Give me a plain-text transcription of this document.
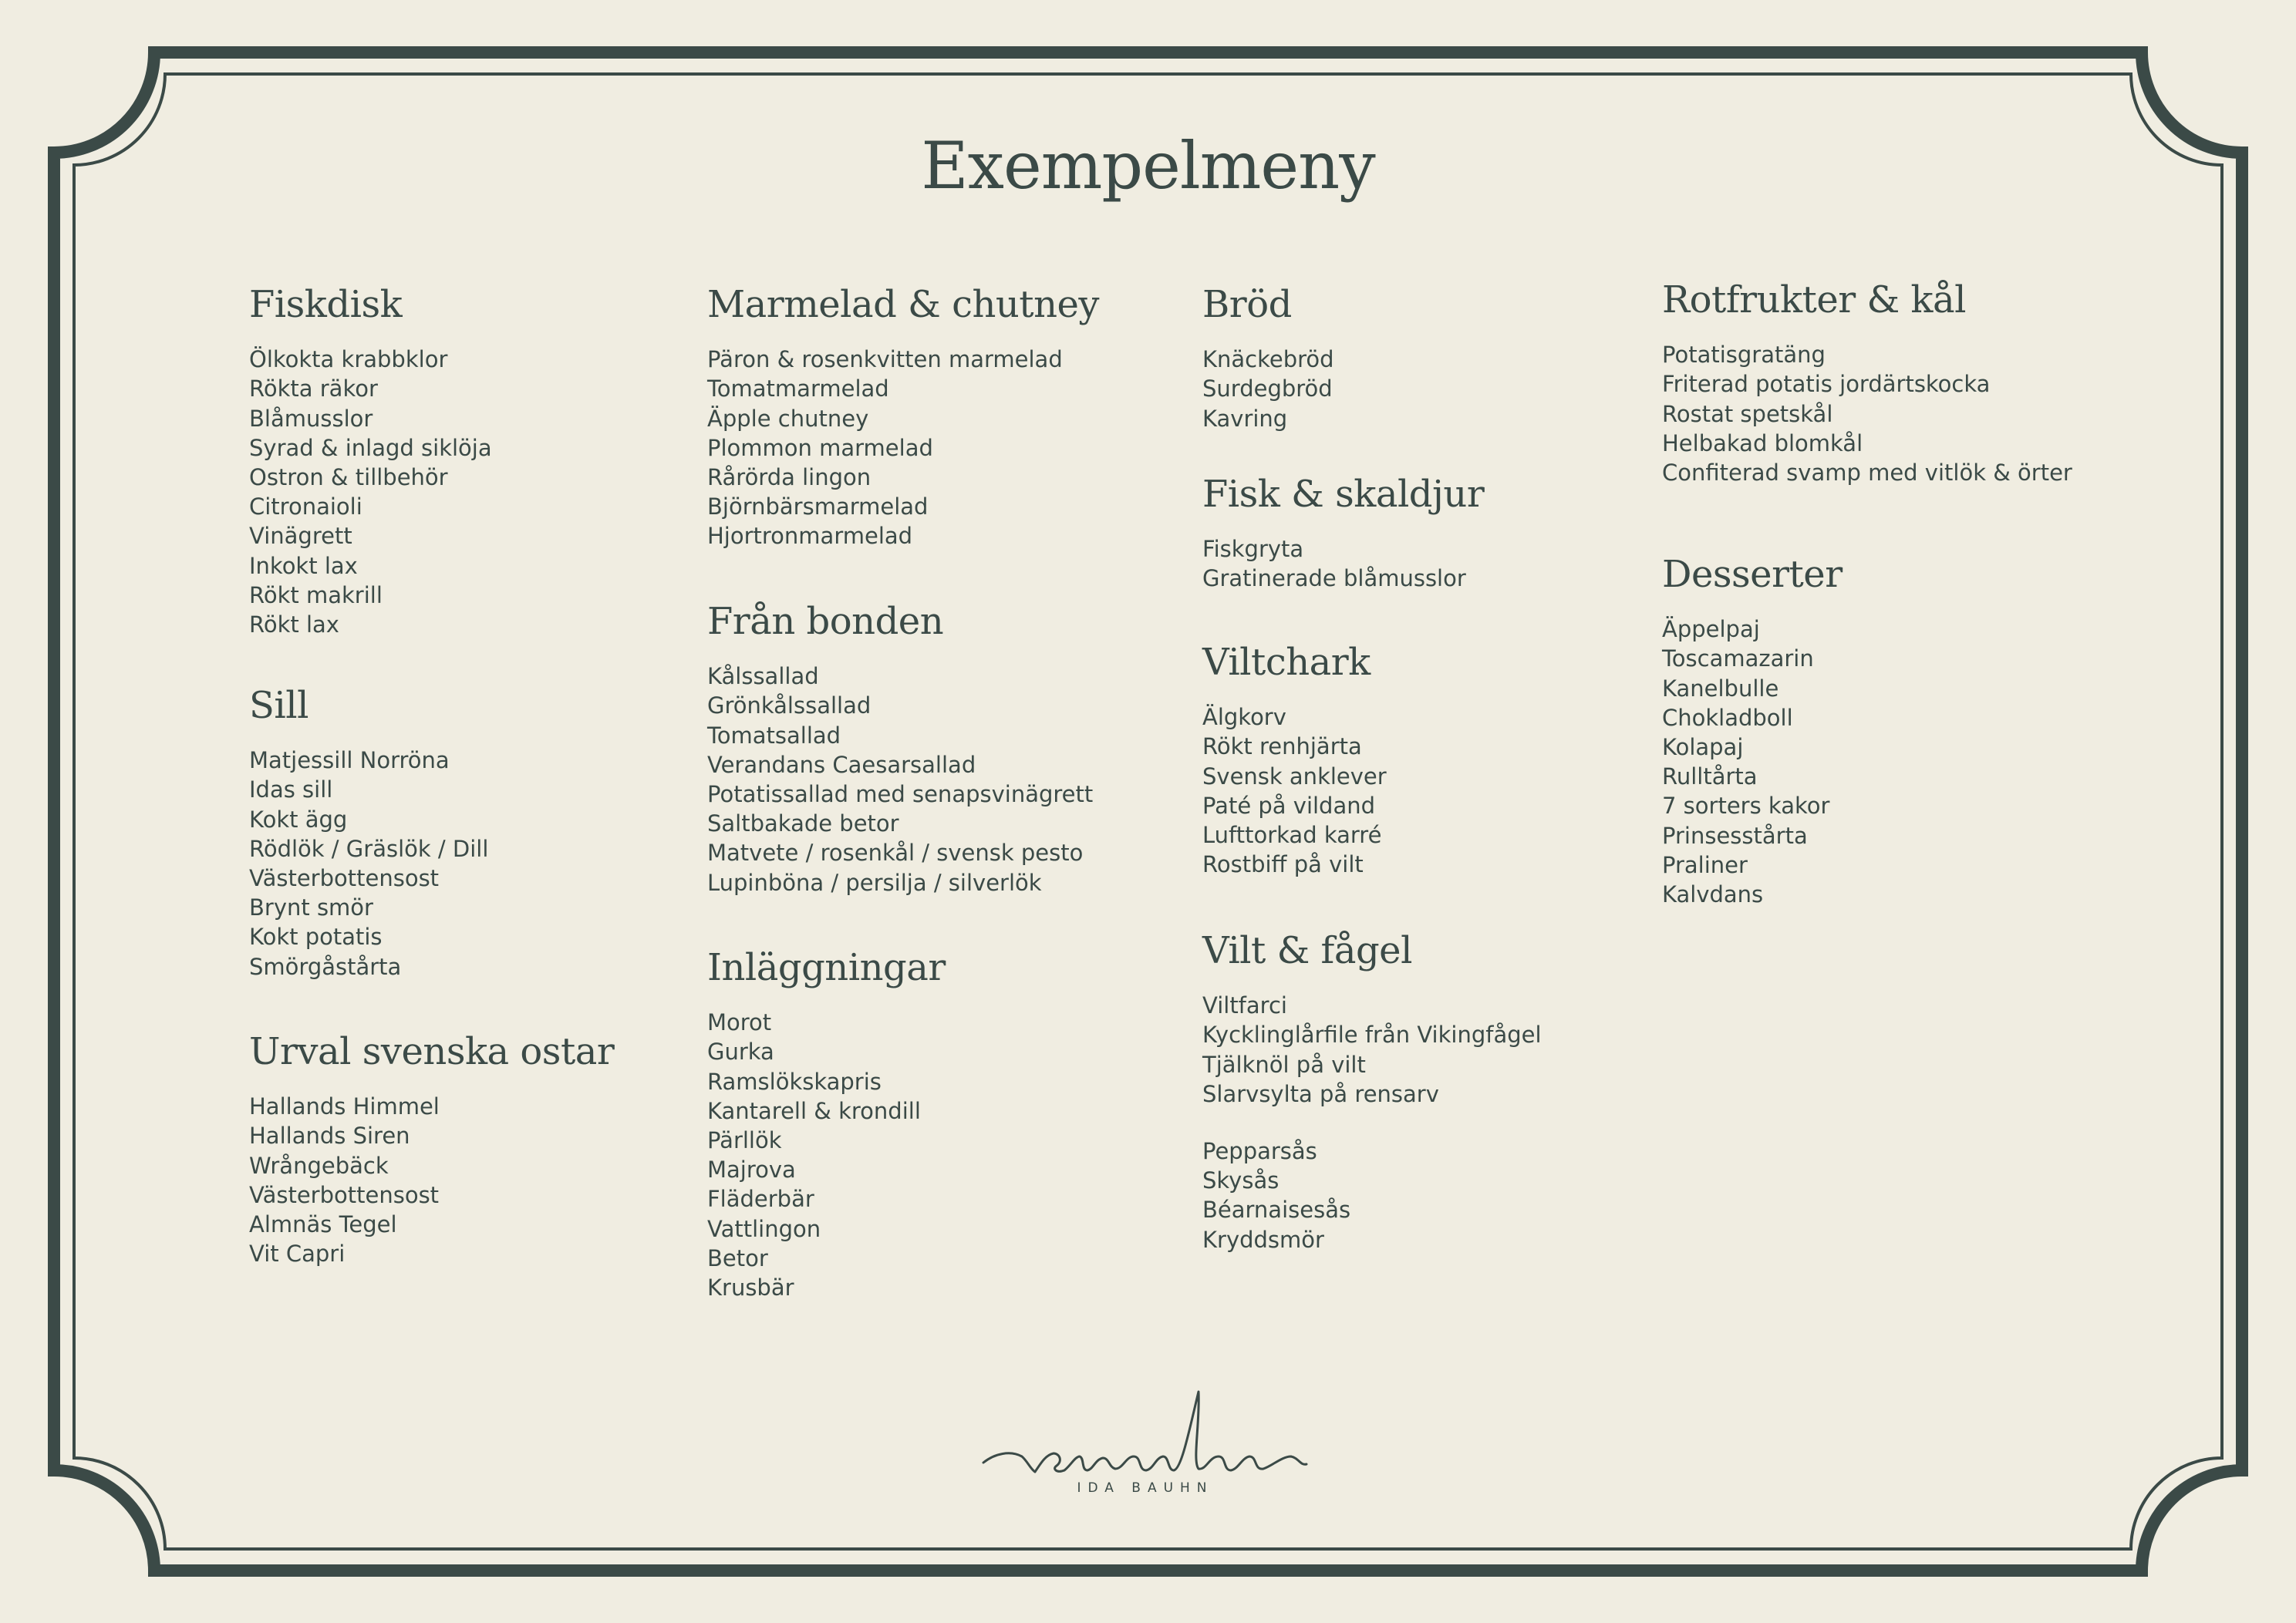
Exempelmeny
Fiskdisk
Ölkokta krabbklor
Rökta räkor
Blåmusslor
Syrad & inlagd siklöja
Ostron & tillbehör
Citronaioli
Vinägrett
Inkokt lax
Rökt makrill
Rökt lax
Sill
Matjessill Norröna
Idas sill
Kokt ägg
Rödlök / Gräslök / Dill
Västerbottensost
Brynt smör
Kokt potatis
Smörgåstårta
Urval svenska ostar
Hallands Himmel
Hallands Siren
Wrångebäck
Västerbottensost
Almnäs Tegel
Vit Capri
Marmelad & chutney
Päron & rosenkvitten marmelad
Tomatmarmelad
Äpple chutney
Plommon marmelad
Rårörda lingon
Björnbärsmarmelad
Hjortronmarmelad
Från bonden
Kålssallad
Grönkålssallad
Tomatsallad
Verandans Caesarsallad
Potatissallad med senapsvinägrett
Saltbakade betor
Matvete / rosenkål / svensk pesto
Lupinböna / persilja / silverlök
Inläggningar
Morot
Gurka
Ramslökskapris
Kantarell & krondill
Pärllök
Majrova
Fläderbär
Vattlingon
Betor
Krusbär
Bröd
Knäckebröd
Surdegbröd
Kavring
Fisk & skaldjur
Fiskgryta
Gratinerade blåmusslor
Viltchark
Älgkorv
Rökt renhjärta
Svensk anklever
Paté på vildand
Lufttorkad karré
Rostbiff på vilt
Vilt & fågel
Viltfarci
Kycklinglårfile från Vikingfågel
Tjälknöl på vilt
Slarvsylta på rensarv
Pepparsås
Skysås
Béarnaisesås
Kryddsmör
Rotfrukter & kål
Potatisgratäng
Friterad potatis jordärtskocka
Rostat spetskål
Helbakad blomkål
Confiterad svamp med vitlök & örter
Desserter
Äppelpaj
Toscamazarin
Kanelbulle
Chokladboll
Kolapaj
Rulltårta
7 sorters kakor
Prinsesstårta
Praliner
Kalvdans
IDA BAUHN
